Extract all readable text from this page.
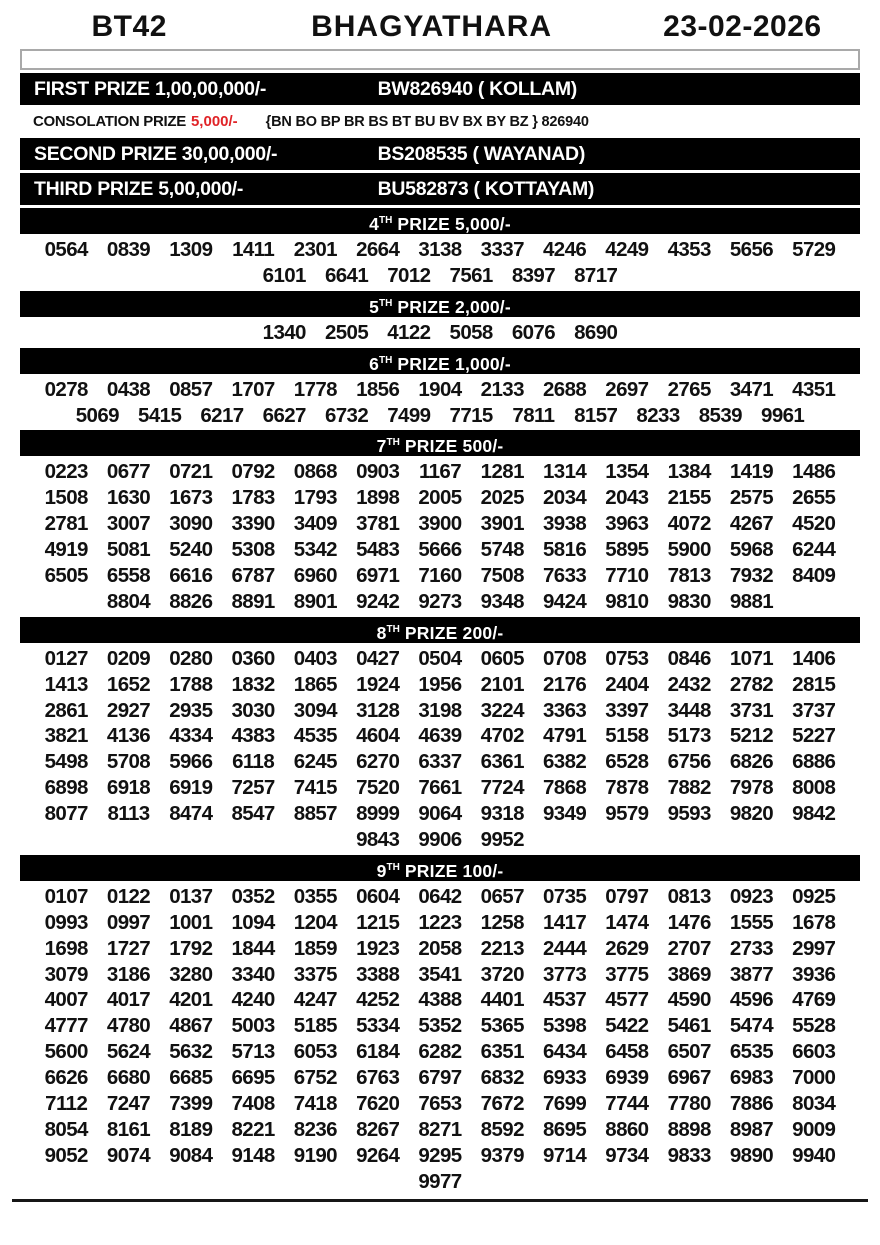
BT42	BHAGYATHARA	23-02-2026
FIRST PRIZE 1,00,00,000/-	BW826940 ( KOLLAM)
CONSOLATION PRIZE 5,000/- {BN BO BP BR BS BT BU BV BX BY BZ } 826940
SECOND PRIZE 30,00,000/-	BS208535 ( WAYANAD)
THIRD PRIZE 5,00,000/-	BU582873 ( KOTTAYAM)
4TH PRIZE 5,000/-
0564 0839 1309 1411 2301 2664 3138 3337 4246 4249 4353 5656 5729
6101 6641 7012 7561 8397 8717
5TH PRIZE 2,000/-
1340 2505 4122 5058 6076 8690
6TH PRIZE 1,000/-
0278 0438 0857 1707 1778 1856 1904 2133 2688 2697 2765 3471 4351
5069 5415 6217 6627 6732 7499 7715 7811 8157 8233 8539 9961
7TH PRIZE 500/-
0223 0677 0721 0792 0868 0903 1167 1281 1314 1354 1384 1419 1486
1508 1630 1673 1783 1793 1898 2005 2025 2034 2043 2155 2575 2655
2781 3007 3090 3390 3409 3781 3900 3901 3938 3963 4072 4267 4520
4919 5081 5240 5308 5342 5483 5666 5748 5816 5895 5900 5968 6244
6505 6558 6616 6787 6960 6971 7160 7508 7633 7710 7813 7932 8409
8804 8826 8891 8901 9242 9273 9348 9424 9810 9830 9881
8TH PRIZE 200/-
0127 0209 0280 0360 0403 0427 0504 0605 0708 0753 0846 1071 1406
1413 1652 1788 1832 1865 1924 1956 2101 2176 2404 2432 2782 2815
2861 2927 2935 3030 3094 3128 3198 3224 3363 3397 3448 3731 3737
3821 4136 4334 4383 4535 4604 4639 4702 4791 5158 5173 5212 5227
5498 5708 5966 6118 6245 6270 6337 6361 6382 6528 6756 6826 6886
6898 6918 6919 7257 7415 7520 7661 7724 7868 7878 7882 7978 8008
8077 8113 8474 8547 8857 8999 9064 9318 9349 9579 9593 9820 9842
9843 9906 9952
9TH PRIZE 100/-
0107 0122 0137 0352 0355 0604 0642 0657 0735 0797 0813 0923 0925
0993 0997 1001 1094 1204 1215 1223 1258 1417 1474 1476 1555 1678
1698 1727 1792 1844 1859 1923 2058 2213 2444 2629 2707 2733 2997
3079 3186 3280 3340 3375 3388 3541 3720 3773 3775 3869 3877 3936
4007 4017 4201 4240 4247 4252 4388 4401 4537 4577 4590 4596 4769
4777 4780 4867 5003 5185 5334 5352 5365 5398 5422 5461 5474 5528
5600 5624 5632 5713 6053 6184 6282 6351 6434 6458 6507 6535 6603
6626 6680 6685 6695 6752 6763 6797 6832 6933 6939 6967 6983 7000
7112 7247 7399 7408 7418 7620 7653 7672 7699 7744 7780 7886 8034
8054 8161 8189 8221 8236 8267 8271 8592 8695 8860 8898 8987 9009
9052 9074 9084 9148 9190 9264 9295 9379 9714 9734 9833 9890 9940
9977
